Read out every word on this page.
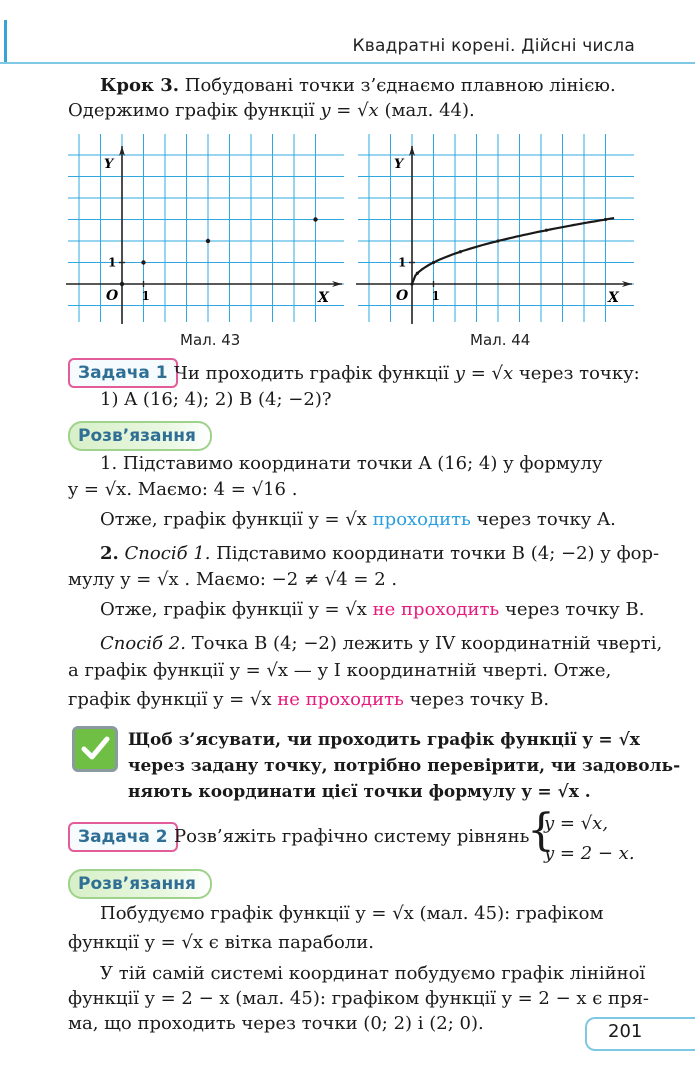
Квадратні корені. Дійсні числа
Крок 3. Побудовані точки з’єднаємо плавною лінією.
Одержимо графік функції y = √x (мал. 44).
Y
X
O 1
1
Y
X
O 1
1
Мал. 43	Мал. 44
Задача 1 Чи проходить графік функції y = √x через точку:
1) A (16; 4); 2) B (4; −2)?
Розв’язання
1. Підставимо координати точки A (16; 4) у формулу
y = √x. Маємо: 4 = √16 .
Отже, графік функції y = √x проходить через точку A.
2. Спосіб 1. Підставимо координати точки B (4; −2) у фор-
мулу y = √x . Маємо: −2 ≠ √4 = 2 .
Отже, графік функції y = √x не проходить через точку B.
Спосіб 2. Точка B (4; −2) лежить у IV координатній чверті,
а графік функції y = √x — у І координатній чверті. Отже,
графік функції y = √x не проходить через точку B.
Щоб з’ясувати, чи проходить графік функції y = √x
через задану точку, потрібно перевірити, чи задоволь-
няють координати цієї точки формулу y = √x .
Задача 2 Розв’яжіть графічно систему рівнянь
{
y = √x,
y = 2 − x.
Розв’язання
Побудуємо графік функції y = √x (мал. 45): графіком
функції y = √x є вітка параболи.
У тій самій системі координат побудуємо графік лінійної
функції y = 2 − x (мал. 45): графіком функції y = 2 − x є пря-
ма, що проходить через точки (0; 2) і (2; 0).	201
